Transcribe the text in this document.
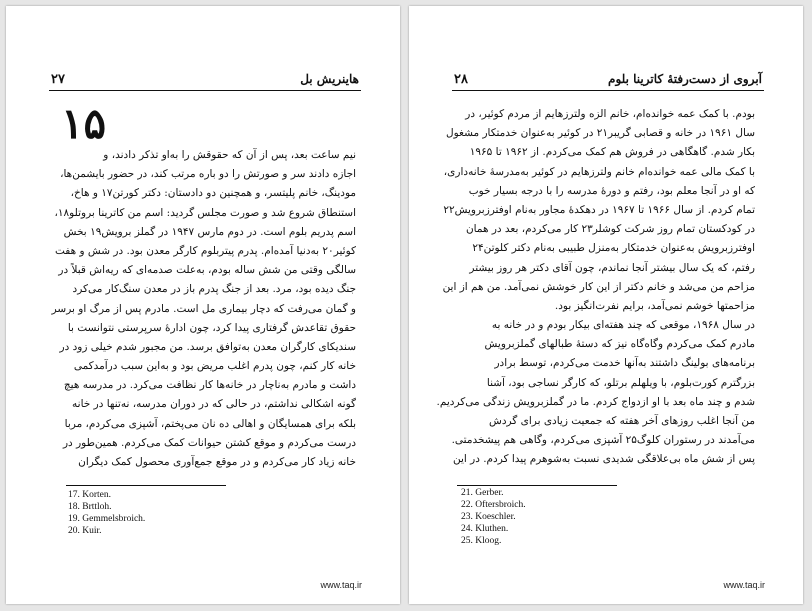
۲۷	هاینریش بل
۱۵
نیم ساعت بعد، پس از آن که حقوقش را به‌او تذکر دادند، و
اجازه دادند سر و صورتش را دو باره مرتب کند، در حضور بایشمن‌ها،
مودینگ، خانم پلیتسر، و همچنین دو دادستان: دکتر کورتن۱۷ و هاخ،
استنطاق شروع شد و صورت مجلس گردید: اسم من کاترینا بروتلو۱۸،
اسم پدریم بلوم است. در دوم مارس ۱۹۴۷ در گملز برویش۱۹ بخش
کوئیر۲۰ به‌دنیا آمده‌ام. پدرم پیتربلوم کارگر معدن بود. در شش و هفت
سالگی وقتی من شش ساله بودم، به‌علت صدمه‌ای که ریه‌اش قبلاً در
جنگ دیده بود، مرد. بعد از جنگ پدرم باز در معدن سنگ‌کار می‌کرد
و گمان می‌رفت که دچار بیماری مل است. مادرم پس از مرگ او برسر
حقوق تقاعدش گرفتاری پیدا کرد، چون ادارهٔ سرپرستی نتوانست با
سندیکای کارگران معدن به‌توافق برسد. من مجبور شدم خیلی زود در
خانه کار کنم، چون پدرم اغلب مریض بود و به‌این سبب درآمدکمی
داشت و مادرم به‌ناچار در خانه‌ها کار نظافت می‌کرد. در مدرسه هیچ
گونه اشکالی نداشتم، در حالی که در دوران مدرسه، نه‌تنها در خانه
بلکه برای همسایگان و اهالی ده نان می‌پختم، آشپزی می‌کردم، مربا
درست می‌کردم و موقع کشتن حیوانات کمک می‌کردم. همین‌طور در
خانه زیاد کار می‌کردم و در موقع جمع‌آوری محصول کمک دیگران
17. Korten.
18. Brttloh.
19. Gemmelsbroich.
20. Kuir.
www.taq.ir
۲۸	آبروی از دست‌رفتهٔ کاترینا بلوم
بودم. با کمک عمه خوانده‌ام، خانم الزه ولترزهایم از مردم کوئیر، در
سال ۱۹۶۱ در خانه و قصابی گریبر۲۱ در کوئیر به‌عنوان خدمتکار مشغول
بکار شدم. گاهگاهی در فروش هم کمک می‌کردم. از ۱۹۶۲ تا ۱۹۶۵
با کمک مالی عمه خوانده‌ام خانم ولترزهایم در کوئیر به‌مدرسهٔ خانه‌داری،
که او در آنجا معلم بود، رفتم و دورهٔ مدرسه را با درجه بسیار خوب
تمام کردم. از سال ۱۹۶۶ تا ۱۹۶۷ در دهکدهٔ مجاور به‌نام اوفترزبرویش۲۲
در کودکستان تمام روز شرکت کوشلر۲۳ کار می‌کردم، بعد در همان
اوفترزبرویش به‌عنوان خدمتکار به‌منزل طبیبی به‌نام دکتر کلوتن۲۴
رفتم، که یک سال بیشتر آنجا نماندم، چون آقای دکتر هر روز بیشتر
مزاحم من می‌شد و خانم دکتر از این کار خوشش نمی‌آمد. من هم از این
مزاحمتها خوشم نمی‌آمد، برایم نفرت‌انگیز بود.
در سال ۱۹۶۸، موقعی که چند هفته‌ای بیکار بودم و در خانه به
مادرم کمک می‌کردم وگاه‌گاه نیز که دستهٔ طبالهای گملزبرویش
برنامه‌های بولینگ داشتند به‌آنها خدمت می‌کردم، توسط برادر
بزرگترم کورت‌بلوم، با ویلهلم برتلو، که کارگر نساجی بود، آشنا
شدم و چند ماه بعد با او ازدواج کردم. ما در گملزبرویش زندگی می‌کردیم.
من آنجا اغلب روزهای آخر هفته که جمعیت زیادی برای گردش
می‌آمدند در رستوران کلوگ۲۵ آشپزی می‌کردم، وگاهی هم پیشخدمتی.
پس از شش ماه بی‌علاقگی شدیدی نسبت به‌شوهرم پیدا کردم. در این
21. Gerber.
22. Oftersbroich.
23. Koeschler.
24. Kluthen.
25. Kloog.
www.taq.ir
